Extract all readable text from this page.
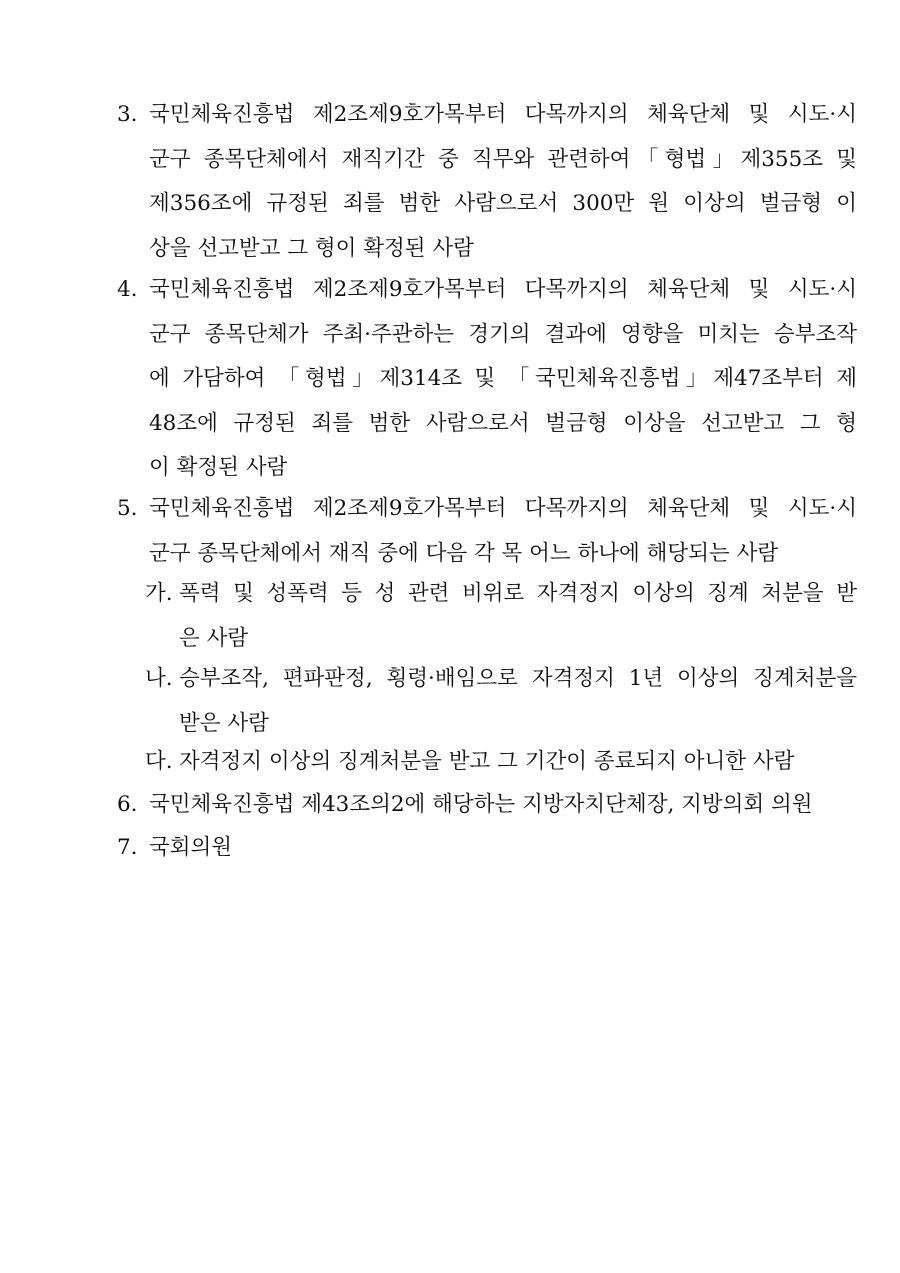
3. 국민체육진흥법 제2조제9호가목부터 다목까지의 체육단체 및 시도·시
군구 종목단체에서 재직기간 중 직무와 관련하여「형법」제355조 및
제356조에 규정된 죄를 범한 사람으로서 300만 원 이상의 벌금형 이
상을 선고받고 그 형이 확정된 사람
4. 국민체육진흥법 제2조제9호가목부터 다목까지의 체육단체 및 시도·시
군구 종목단체가 주최·주관하는 경기의 결과에 영향을 미치는 승부조작
에 가담하여 「형법」제314조 및 「국민체육진흥법」제47조부터 제
48조에 규정된 죄를 범한 사람으로서 벌금형 이상을 선고받고 그 형
이 확정된 사람
5. 국민체육진흥법 제2조제9호가목부터 다목까지의 체육단체 및 시도·시
군구 종목단체에서 재직 중에 다음 각 목 어느 하나에 해당되는 사람
가. 폭력 및 성폭력 등 성 관련 비위로 자격정지 이상의 징계 처분을 받
은 사람
나. 승부조작, 편파판정, 횡령·배임으로 자격정지 1년 이상의 징계처분을
받은 사람
다. 자격정지 이상의 징계처분을 받고 그 기간이 종료되지 아니한 사람
6. 국민체육진흥법 제43조의2에 해당하는 지방자치단체장, 지방의회 의원
7. 국회의원
